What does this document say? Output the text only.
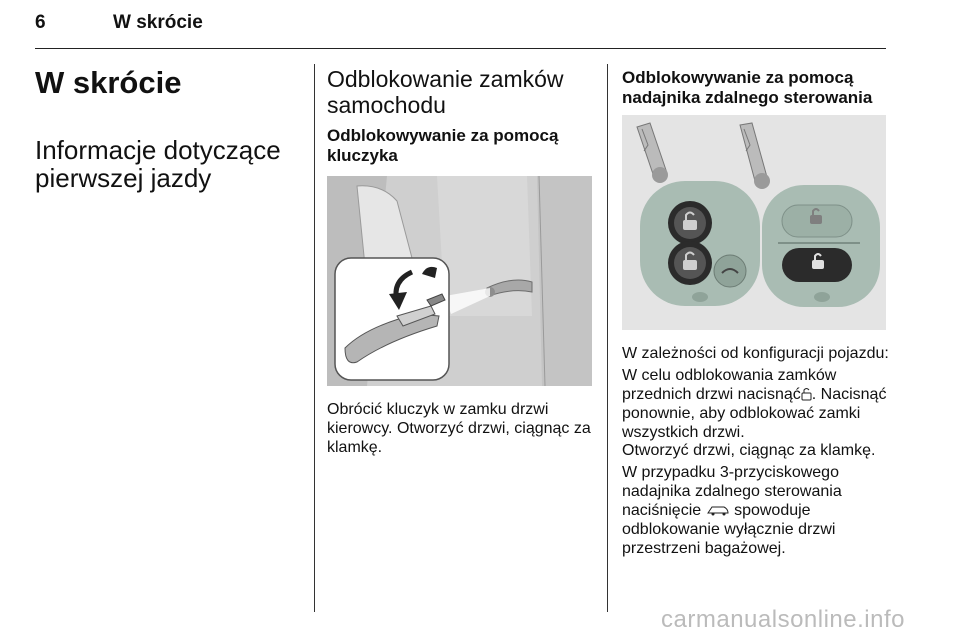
6	W skrócie
W skrócie
Informacje dotyczące pierwszej jazdy
Odblokowanie zamków samochodu
Odblokowywanie za pomocą kluczyka
Obrócić kluczyk w zamku drzwi kierowcy. Otworzyć drzwi, ciągnąc za klamkę.
Odblokowywanie za pomocą nadajnika zdalnego sterowania
W zależności od konfiguracji pojazdu:
W celu odblokowania zamków przednich drzwi nacisnąć . Nacisnąć ponownie, aby odblokować zamki wszystkich drzwi.
Otworzyć drzwi, ciągnąc za klamkę.
W przypadku 3-przyciskowego nadajnika zdalnego sterowania naciśnięcie spowoduje odblokowanie wyłącznie drzwi przestrzeni bagażowej.
carmanualsonline.info
